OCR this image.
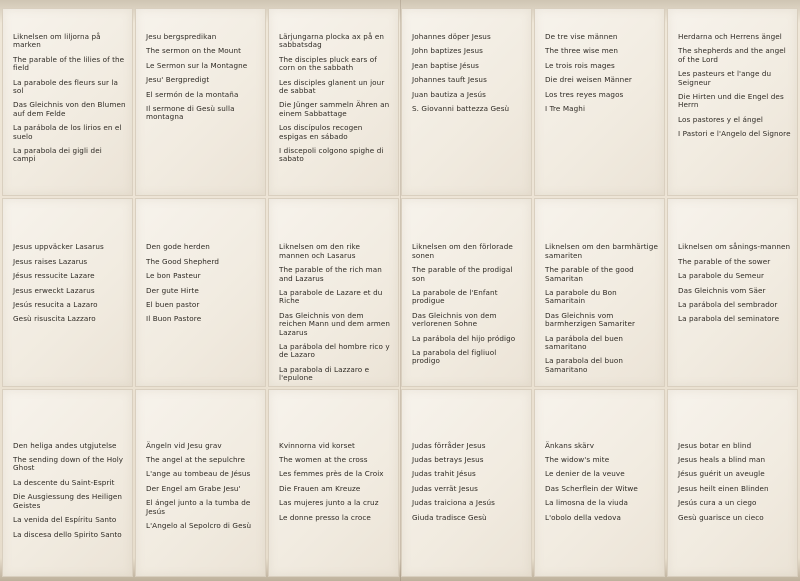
Liknelsen om liljorna på marken
The parable of the lilies of the field
La parabole des fleurs sur la sol
Das Gleichnis von den Blumen auf dem Felde
La parábola de los lirios en el suelo
La parabola dei gigli dei campi
Jesu bergspredikan
The sermon on the Mount
Le Sermon sur la Montagne
Jesu' Bergpredigt
El sermón de la montaña
Il sermone di Gesù sulla montagna
Lärjungarna plocka ax på en sabbatsdag
The disciples pluck ears of corn on the sabbath
Les disciples glanent un jour de sabbat
Die Jünger sammeln Ähren an einem Sabbattage
Los discípulos recogen espigas en sábado
I discepoli colgono spighe di sabato
Johannes döper Jesus
John baptizes Jesus
Jean baptise Jésus
Johannes tauft Jesus
Juan bautiza a Jesús
S. Giovanni battezza Gesù
De tre vise männen
The three wise men
Le trois rois mages
Die drei weisen Männer
Los tres reyes magos
I Tre Maghi
Herdarna och Herrens ängel
The shepherds and the angel of the Lord
Les pasteurs et l'ange du Seigneur
Die Hirten und die Engel des Herrn
Los pastores y el ángel
I Pastori e l'Angelo del Signore
Jesus uppväcker Lasarus
Jesus raises Lazarus
Jésus ressucite Lazare
Jesus erweckt Lazarus
Jesús resucita a Lazaro
Gesù risuscita Lazzaro
Den gode herden
The Good Shepherd
Le bon Pasteur
Der gute Hirte
El buen pastor
Il Buon Pastore
Liknelsen om den rike mannen och Lasarus
The parable of the rich man and Lazarus
La parabole de Lazare et du Riche
Das Gleichnis von dem reichen Mann und dem armen Lazarus
La parábola del hombre rico y de Lazaro
La parabola di Lazzaro e l'epulone
Liknelsen om den förlorade sonen
The parable of the prodigal son
La parabole de l'Enfant prodigue
Das Gleichnis von dem verlorenen Sohne
La parábola del hijo pródigo
La parabola del figliuol prodigo
Liknelsen om den barmhärtige samariten
The parable of the good Samaritan
La parabole du Bon Samaritain
Das Gleichnis vom barmherzigen Samariter
La parábola del buen samaritano
La parabola del buon Samaritano
Liknelsen om sånings-mannen
The parable of the sower
La parabole du Semeur
Das Gleichnis vom Säer
La parábola del sembrador
La parabola del seminatore
Den heliga andes utgjutelse
The sending down of the Holy Ghost
La descente du Saint-Esprit
Die Ausgiessung des Heiligen Geistes
La venida del Espíritu Santo
La discesa dello Spirito Santo
Ängeln vid Jesu grav
The angel at the sepulchre
L'ange au tombeau de Jésus
Der Engel am Grabe Jesu'
El ángel junto a la tumba de Jesús
L'Angelo al Sepolcro di Gesù
Kvinnorna vid korset
The women at the cross
Les femmes près de la Croix
Die Frauen am Kreuze
Las mujeres junto a la cruz
Le donne presso la croce
Judas förråder Jesus
Judas betrays Jesus
Judas trahit Jésus
Judas verrät Jesus
Judas traiciona a Jesús
Giuda tradisce Gesù
Änkans skärv
The widow's mite
Le denier de la veuve
Das Scherflein der Witwe
La limosna de la viuda
L'obolo della vedova
Jesus botar en blind
Jesus heals a blind man
Jésus guérit un aveugle
Jesus heilt einen Blinden
Jesús cura a un ciego
Gesù guarisce un cieco
